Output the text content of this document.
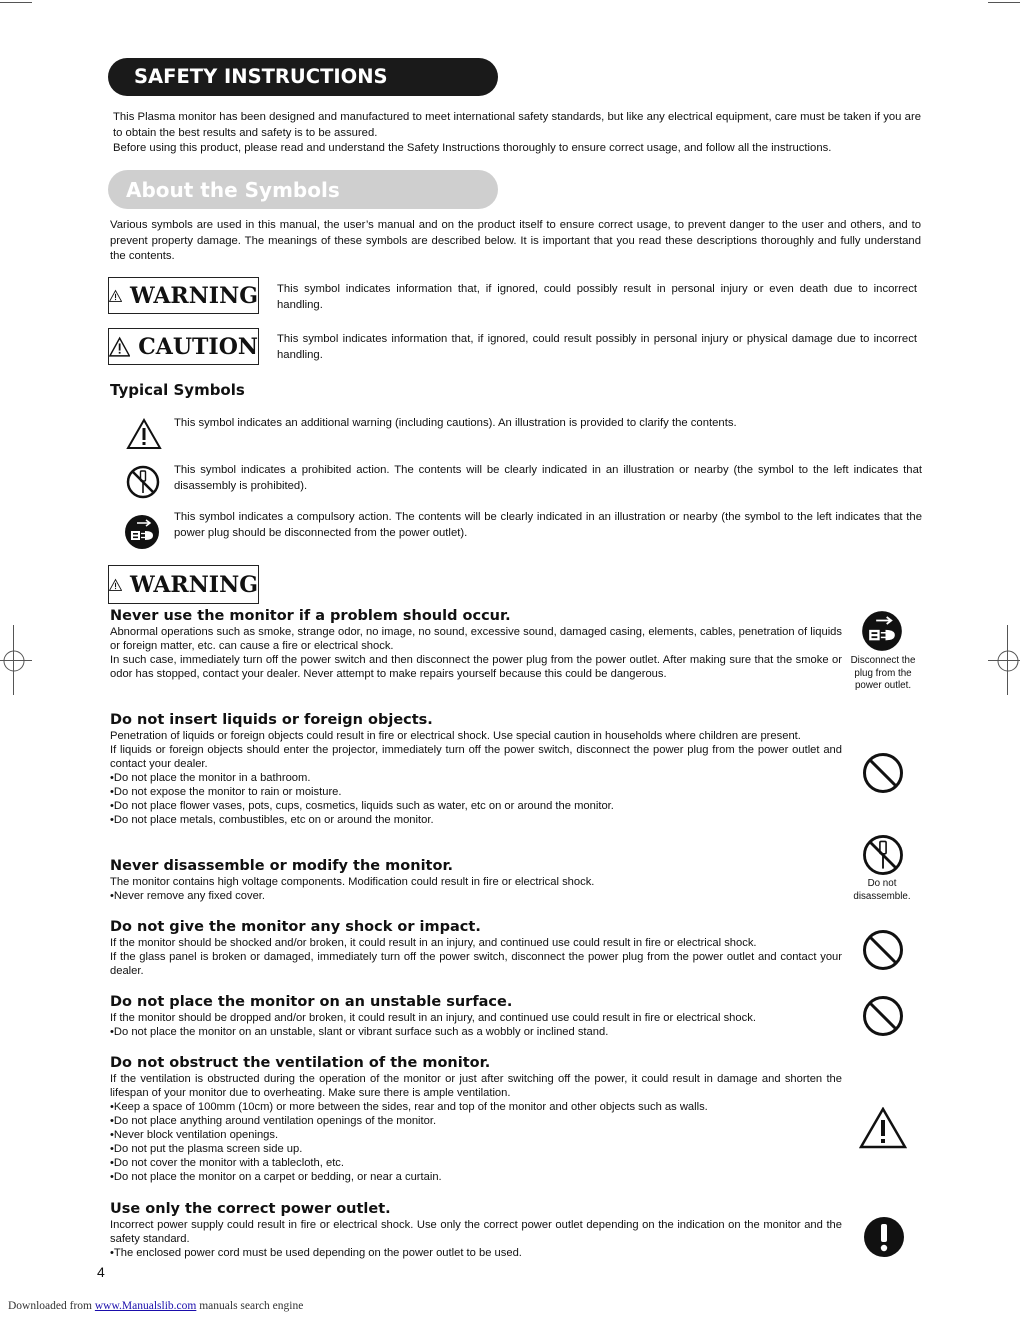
SAFETY INSTRUCTIONS

This Plasma monitor has been designed and manufactured to meet international safety standards, but like any electrical equipment, care must be taken if you are to obtain the best results and safety is to be assured.

Before using this product, please read and understand the Safety Instructions thoroughly to ensure correct usage, and follow all the instructions.

About the Symbols

Various symbols are used in this manual, the user’s manual and on the product itself to ensure correct usage, to prevent danger to the user and others, and to prevent property damage. The meanings of these symbols are described below. It is important that you read these descriptions thoroughly and fully understand the contents.

WARNING This symbol indicates information that, if ignored, could possibly result in personal injury or even death due to incorrect handling.

CAUTION This symbol indicates information that, if ignored, could result possibly in personal injury or physical damage due to incorrect handling.

Typical Symbols

This symbol indicates an additional warning (including cautions). An illustration is provided to clarify the contents.

This symbol indicates a prohibited action. The contents will be clearly indicated in an illustration or nearby (the symbol to the left indicates that disassembly is prohibited).

This symbol indicates a compulsory action. The contents will be clearly indicated in an illustration or nearby (the symbol to the left indicates that the power plug should be disconnected from the power outlet).

WARNING

Never use the monitor if a problem should occur.

Abnormal operations such as smoke, strange odor, no image, no sound, excessive sound, damaged casing, elements, cables, penetration of liquids or foreign matter, etc. can cause a fire or electrical shock.

In such case, immediately turn off the power switch and then disconnect the power plug from the power outlet. After making sure that the smoke or odor has stopped, contact your dealer. Never attempt to make repairs yourself because this could be dangerous.

Do not insert liquids or foreign objects.

Penetration of liquids or foreign objects could result in fire or electrical shock. Use special caution in households where children are present.

If liquids or foreign objects should enter the projector, immediately turn off the power switch, disconnect the power plug from the power outlet and contact your dealer.

• Do not place the monitor in a bathroom.

• Do not expose the monitor to rain or moisture.

• Do not place flower vases, pots, cups, cosmetics, liquids such as water, etc on or around the monitor.

• Do not place metals, combustibles, etc on or around the monitor.

Never disassemble or modify the monitor.

The monitor contains high voltage components. Modification could result in fire or electrical shock.

• Never remove any fixed cover.

Do not give the monitor any shock or impact.

If the monitor should be shocked and/or broken, it could result in an injury, and continued use could result in fire or electrical shock.

If the glass panel is broken or damaged, immediately turn off the power switch, disconnect the power plug from the power outlet and contact your dealer.

Do not place the monitor on an unstable surface.

If the monitor should be dropped and/or broken, it could result in an injury, and continued use could result in fire or electrical shock.

• Do not place the monitor on an unstable, slant or vibrant surface such as a wobbly or inclined stand.

Do not obstruct the ventilation of the monitor.

If the ventilation is obstructed during the operation of the monitor or just after switching off the power, it could result in damage and shorten the lifespan of your monitor due to overheating. Make sure there is ample ventilation.

• Keep a space of 100mm (10cm) or more between the sides, rear and top of the monitor and other objects such as walls.

• Do not place anything around ventilation openings of the monitor.

• Never block ventilation openings.

• Do not put the plasma screen side up.

• Do not cover the monitor with a tablecloth, etc.

• Do not place the monitor on a carpet or bedding, or near a curtain.

Use only the correct power outlet.

Incorrect power supply could result in fire or electrical shock. Use only the correct power outlet depending on the indication on the monitor and the safety standard.

• The enclosed power cord must be used depending on the power outlet to be used.

Disconnect the plug from the power outlet.
Do not disassemble.
4
Downloaded from www.Manualslib.com manuals search engine
